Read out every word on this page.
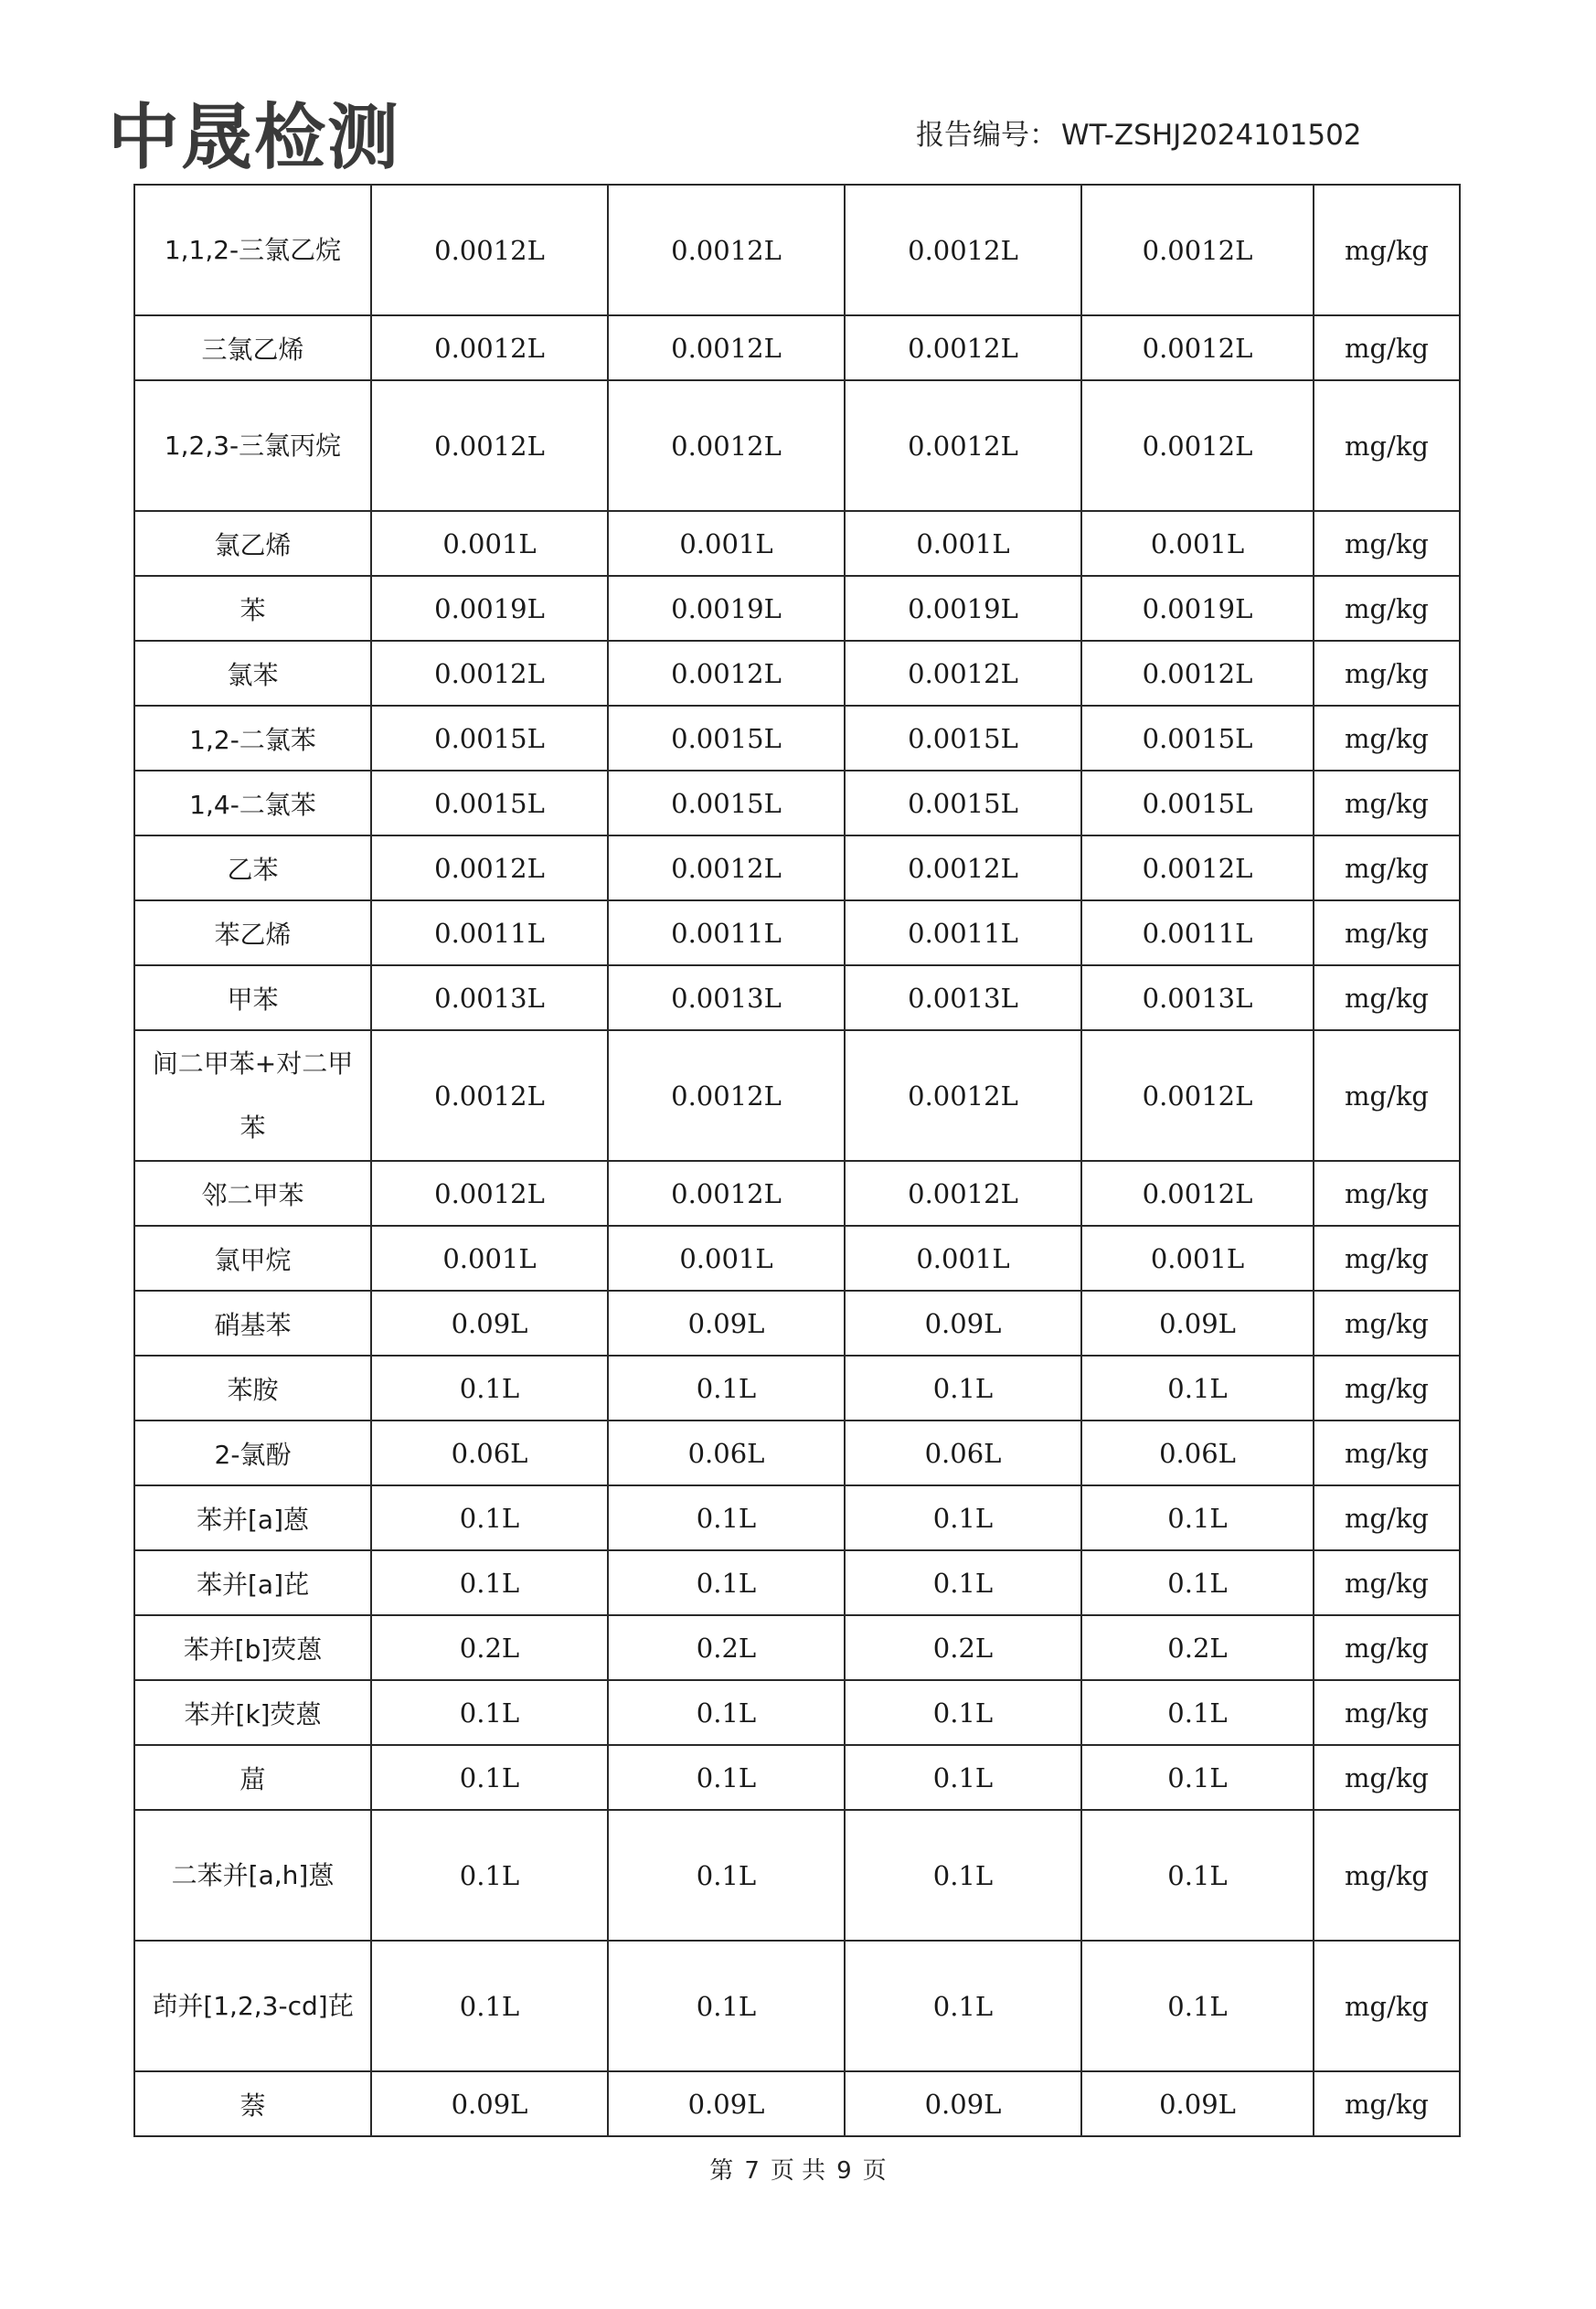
中晟检测	报告编号： WT-ZSHJ2024101502
1,1,2-三氯乙烷	0.0012L	0.0012L	0.0012L	0.0012L	mg/kg
三氯乙烯	0.0012L	0.0012L	0.0012L	0.0012L	mg/kg
1,2,3-三氯丙烷	0.0012L	0.0012L	0.0012L	0.0012L	mg/kg
氯乙烯	0.001L	0.001L	0.001L	0.001L	mg/kg
苯	0.0019L	0.0019L	0.0019L	0.0019L	mg/kg
氯苯	0.0012L	0.0012L	0.0012L	0.0012L	mg/kg
1,2-二氯苯	0.0015L	0.0015L	0.0015L	0.0015L	mg/kg
1,4-二氯苯	0.0015L	0.0015L	0.0015L	0.0015L	mg/kg
乙苯	0.0012L	0.0012L	0.0012L	0.0012L	mg/kg
苯乙烯	0.0011L	0.0011L	0.0011L	0.0011L	mg/kg
甲苯	0.0013L	0.0013L	0.0013L	0.0013L	mg/kg
间二甲苯+对二甲苯	0.0012L	0.0012L	0.0012L	0.0012L	mg/kg
邻二甲苯	0.0012L	0.0012L	0.0012L	0.0012L	mg/kg
氯甲烷	0.001L	0.001L	0.001L	0.001L	mg/kg
硝基苯	0.09L	0.09L	0.09L	0.09L	mg/kg
苯胺	0.1L	0.1L	0.1L	0.1L	mg/kg
2-氯酚	0.06L	0.06L	0.06L	0.06L	mg/kg
苯并[a]蒽	0.1L	0.1L	0.1L	0.1L	mg/kg
苯并[a]芘	0.1L	0.1L	0.1L	0.1L	mg/kg
苯并[b]荧蒽	0.2L	0.2L	0.2L	0.2L	mg/kg
苯并[k]荧蒽	0.1L	0.1L	0.1L	0.1L	mg/kg
䓛	0.1L	0.1L	0.1L	0.1L	mg/kg
二苯并[a,h]蒽	0.1L	0.1L	0.1L	0.1L	mg/kg
茚并[1,2,3-cd]芘	0.1L	0.1L	0.1L	0.1L	mg/kg
萘	0.09L	0.09L	0.09L	0.09L	mg/kg
第 7 页 共 9 页
